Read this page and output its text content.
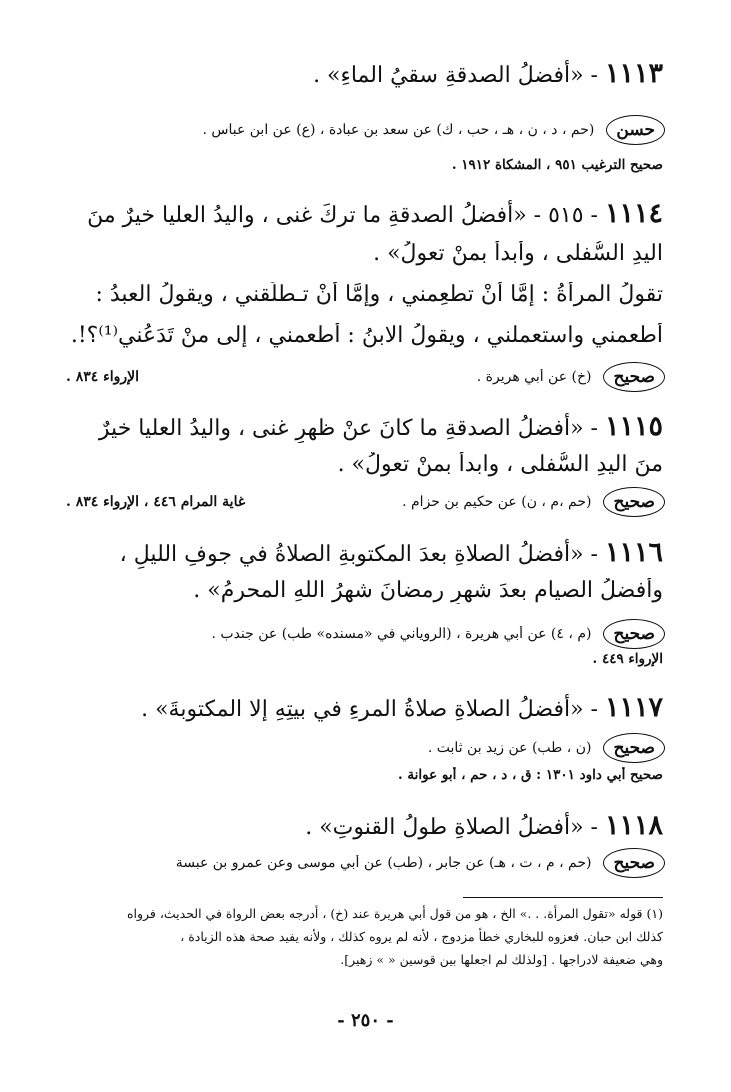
١١١٣ - «أفضلُ الصدقةِ سقيُ الماءِ» .
حسن
(حم ، د ، ن ، هـ ، حب ، ك) عن سعد بن عبادة ، (ع) عن ابن عباس .
صحيح الترغيب ٩٥١ ، المشكاة ١٩١٢ .
١١١٤ - ٥١٥ - «أفضلُ الصدقةِ ما تركَ غنى ، واليدُ العليا خيرٌ منَ
اليدِ السُّفلى ، وأبدأ بمنْ تعولُ» .
تقولُ المرأةُ : إمَّا أنْ تطعِمني ، وإمَّا أنْ تـطلِّقني ، ويقولُ العبدُ :
أطعمني واستعملني ، ويقولُ الابنُ : أطعمني ، إلى منْ تَدَعُني⁽¹⁾؟!.
صحيح
(خ) عن أبي هريرة .
الإرواء ٨٣٤ .
١١١٥ - «أفضلُ الصدقةِ ما كانَ عنْ ظهرِ غنى ، واليدُ العليا خيرٌ
منَ اليدِ السُّفلى ، وابدأ بمنْ تعولُ» .
صحيح
(حم ،م ، ن) عن حكيم بن حزام .
غاية المرام ٤٤٦ ، الإرواء ٨٣٤ .
١١١٦ - «أفضلُ الصلاةِ بعدَ المكتوبةِ الصلاةُ في جوفِ الليلِ ،
وأفضلُ الصيامِ بعدَ شهرِ رمضانَ شهرُ اللهِ المحرمُ» .
صحيح
(م ، ٤) عن أبي هريرة ، (الروياني في «مسنده» طب) عن جندب .
الإرواء ٤٤٩ .
١١١٧ - «أفضلُ الصلاةِ صلاةُ المرءِ في بيتِهِ إلا المكتوبةَ» .
صحيح
(ن ، طب) عن زيد بن ثابت .
صحيح أبي داود ١٣٠١ : ق ، د ، حم ، أبو عوانة .
١١١٨ - «أفضلُ الصلاةِ طولُ القنوتِ» .
صحيح
(حم ، م ، ت ، هـ) عن جابر ، (طب) عن أبي موسى وعن عمرو بن عبسة
(١) قوله «تقول المرأة. . .» الخ ، هو من قول أبي هريرة عند (خ) ، أدرجه بعض الرواة في الحديث، فرواه
كذلك ابن حبان. فعزوه للبخاري خطأ مزدوج ، لأنه لم يروه كذلك ، ولأنه يفيد صحة هذه الزيادة ،
وهي ضعيفة لادراجها . [ولذلك لم اجعلها بين قوسين « » زهير].
- ٢٥٠ -
